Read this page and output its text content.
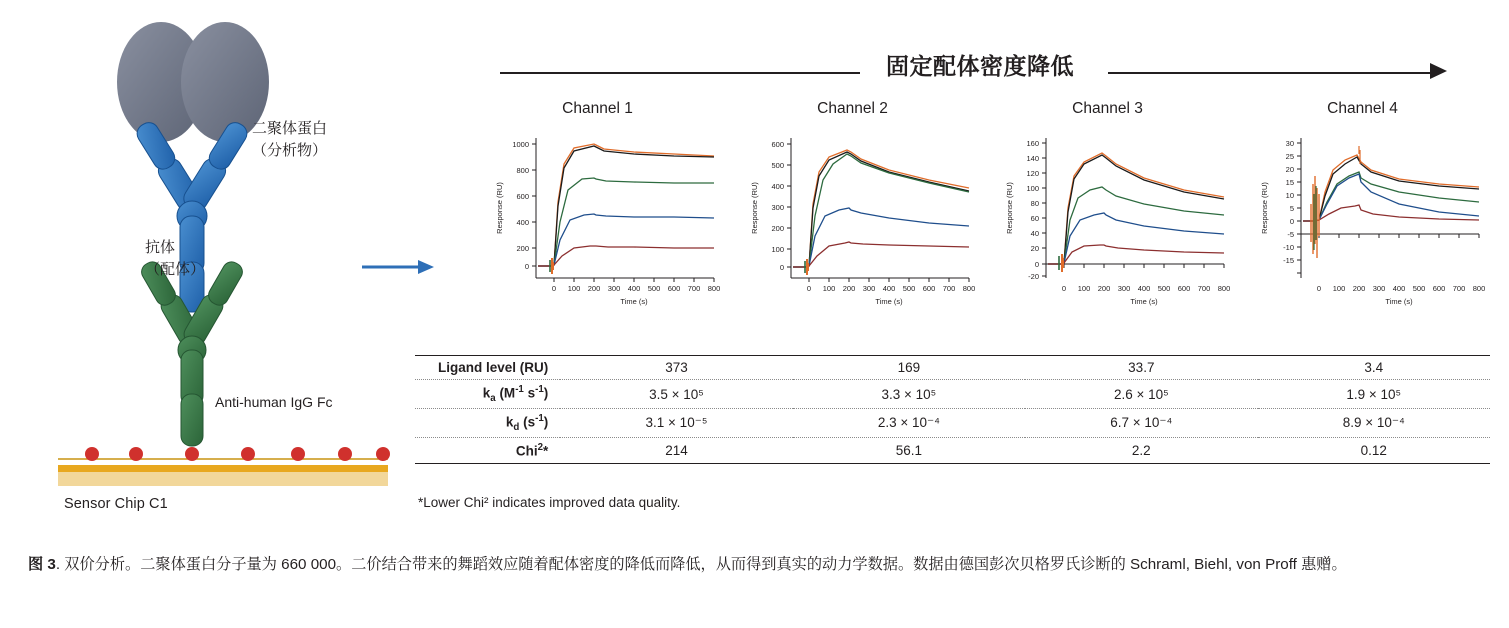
二聚体蛋白
（分析物）
抗体
（配体）
Anti-human IgG Fc
Sensor Chip C1
固定配体密度降低
Channel 1
1000
800
600
400
200
0
0 100 200 300 400 500 600 700 800
Time (s)
Response (RU)
Channel 2
600
500
400
300
200
100
0
0 100 200 300 400 500 600 700 800
Time (s)
Response (RU)
Channel 3
160
140
120
100
80
60
40
20
0
-20
0 100 200 300 400 500 600 700 800
Time (s)
Response (RU)
Channel 4
30
25
20
15
10
5
0
-5
-10
-15
0 100 200 300 400 500 600 700 800
Time (s)
Response (RU)
Ligand level (RU)	373	169	33.7	3.4
$k_a$ ($M^{-1}$ $s^{-1}$)	3.5 × 10⁵	3.3 × 10⁵	2.6 × 10⁵	1.9 × 10⁵
$k_d$ $(s^{-1})$	3.1 × 10⁻⁵	2.3 × 10⁻⁴	6.7 × 10⁻⁴	8.9 × 10⁻⁴
Chi$^2$*	214	56.1	2.2	0.12

*Lower Chi² indicates improved data quality.
图 3. 双价分析。二聚体蛋白分子量为 660 000。二价结合带来的舞蹈效应随着配体密度的降低而降低，从而得到真实的动力学数据。数据由德国彭次贝格罗氏诊断的 Schraml, Biehl, von Proff 惠赠。
